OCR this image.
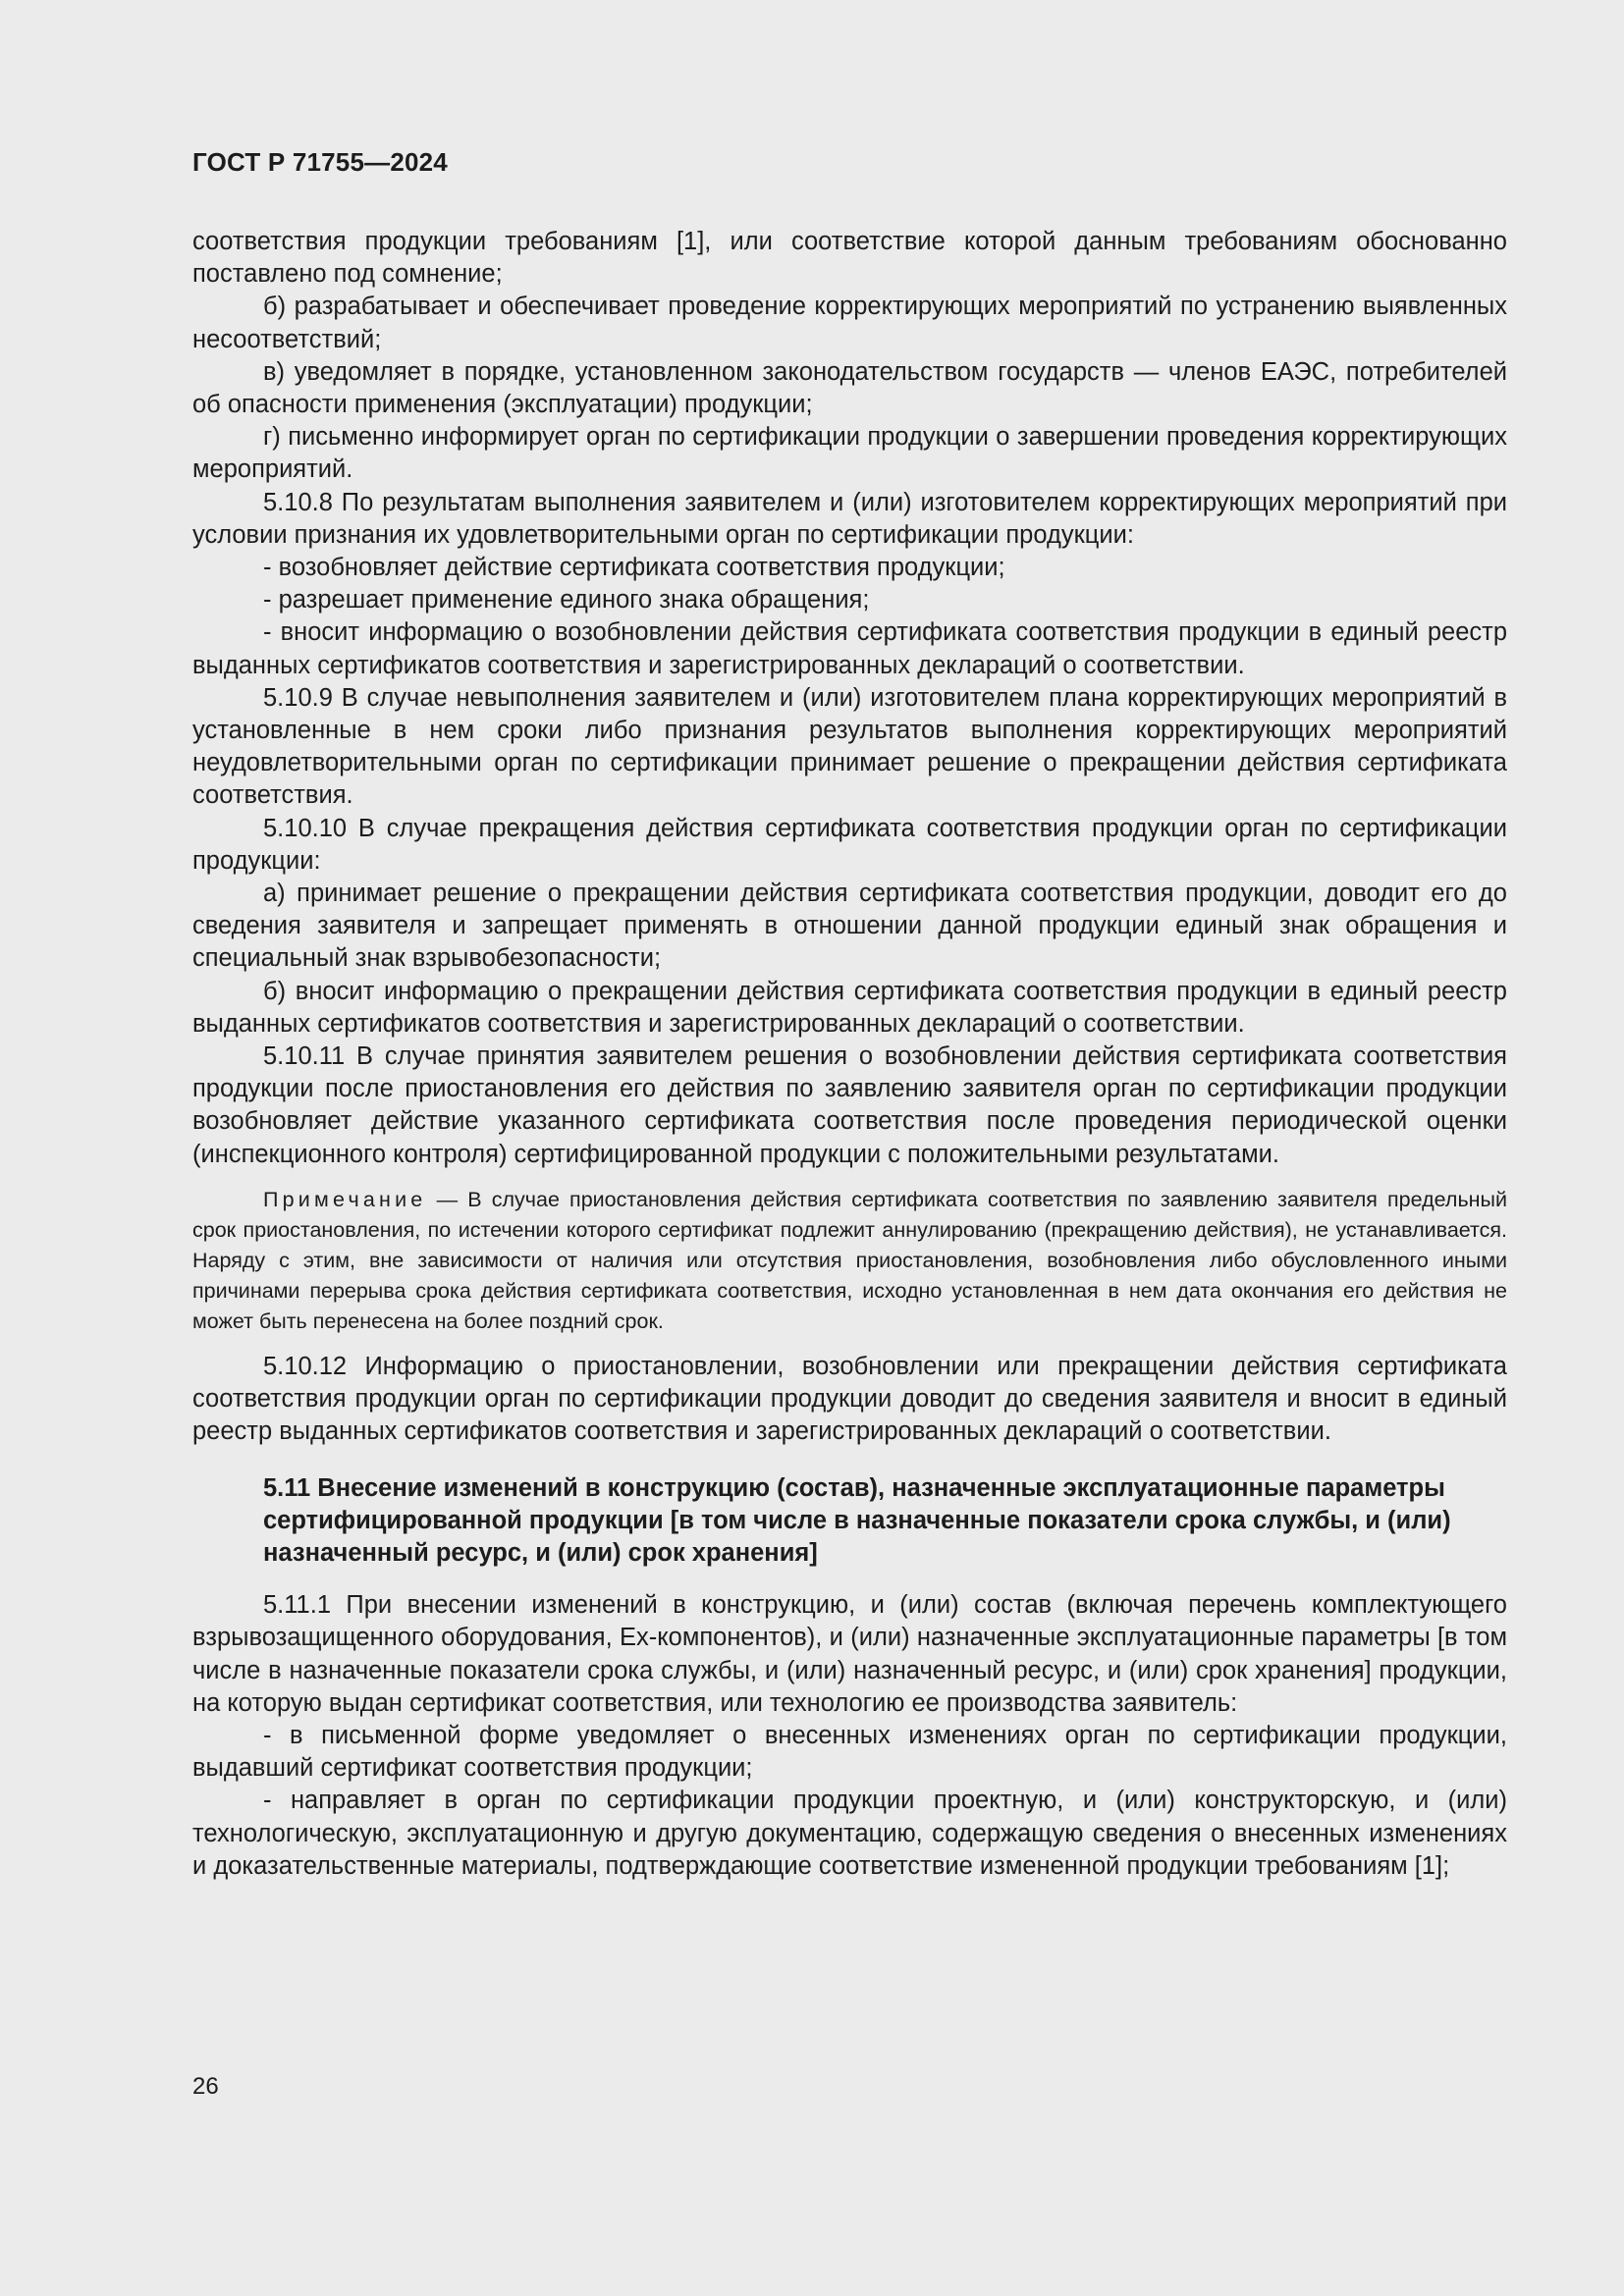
ГОСТ Р 71755—2024

соответствия продукции требованиям [1], или соответствие которой данным требованиям обоснованно поставлено под сомнение;

б) разрабатывает и обеспечивает проведение корректирующих мероприятий по устранению выявленных несоответствий;

в) уведомляет в порядке, установленном законодательством государств — членов ЕАЭС, потребителей об опасности применения (эксплуатации) продукции;

г) письменно информирует орган по сертификации продукции о завершении проведения корректирующих мероприятий.

5.10.8 По результатам выполнения заявителем и (или) изготовителем корректирующих мероприятий при условии признания их удовлетворительными орган по сертификации продукции:

- возобновляет действие сертификата соответствия продукции;

- разрешает применение единого знака обращения;

- вносит информацию о возобновлении действия сертификата соответствия продукции в единый реестр выданных сертификатов соответствия и зарегистрированных деклараций о соответствии.

5.10.9 В случае невыполнения заявителем и (или) изготовителем плана корректирующих мероприятий в установленные в нем сроки либо признания результатов выполнения корректирующих мероприятий неудовлетворительными орган по сертификации принимает решение о прекращении действия сертификата соответствия.

5.10.10 В случае прекращения действия сертификата соответствия продукции орган по сертификации продукции:

а) принимает решение о прекращении действия сертификата соответствия продукции, доводит его до сведения заявителя и запрещает применять в отношении данной продукции единый знак обращения и специальный знак взрывобезопасности;

б) вносит информацию о прекращении действия сертификата соответствия продукции в единый реестр выданных сертификатов соответствия и зарегистрированных деклараций о соответствии.

5.10.11 В случае принятия заявителем решения о возобновлении действия сертификата соответствия продукции после приостановления его действия по заявлению заявителя орган по сертификации продукции возобновляет действие указанного сертификата соответствия после проведения периодической оценки (инспекционного контроля) сертифицированной продукции с положительными результатами.

Примечание — В случае приостановления действия сертификата соответствия по заявлению заявителя предельный срок приостановления, по истечении которого сертификат подлежит аннулированию (прекращению действия), не устанавливается. Наряду с этим, вне зависимости от наличия или отсутствия приостановления, возобновления либо обусловленного иными причинами перерыва срока действия сертификата соответствия, исходно установленная в нем дата окончания его действия не может быть перенесена на более поздний срок.

5.10.12 Информацию о приостановлении, возобновлении или прекращении действия сертификата соответствия продукции орган по сертификации продукции доводит до сведения заявителя и вносит в единый реестр выданных сертификатов соответствия и зарегистрированных деклараций о соответствии.

5.11 Внесение изменений в конструкцию (состав), назначенные эксплуатационные параметры сертифицированной продукции [в том числе в назначенные показатели срока службы, и (или) назначенный ресурс, и (или) срок хранения]

5.11.1 При внесении изменений в конструкцию, и (или) состав (включая перечень комплектующего взрывозащищенного оборудования, Ex-компонентов), и (или) назначенные эксплуатационные параметры [в том числе в назначенные показатели срока службы, и (или) назначенный ресурс, и (или) срок хранения] продукции, на которую выдан сертификат соответствия, или технологию ее производства заявитель:

- в письменной форме уведомляет о внесенных изменениях орган по сертификации продукции, выдавший сертификат соответствия продукции;

- направляет в орган по сертификации продукции проектную, и (или) конструкторскую, и (или) технологическую, эксплуатационную и другую документацию, содержащую сведения о внесенных изменениях и доказательственные материалы, подтверждающие соответствие измененной продукции требованиям [1];

26
